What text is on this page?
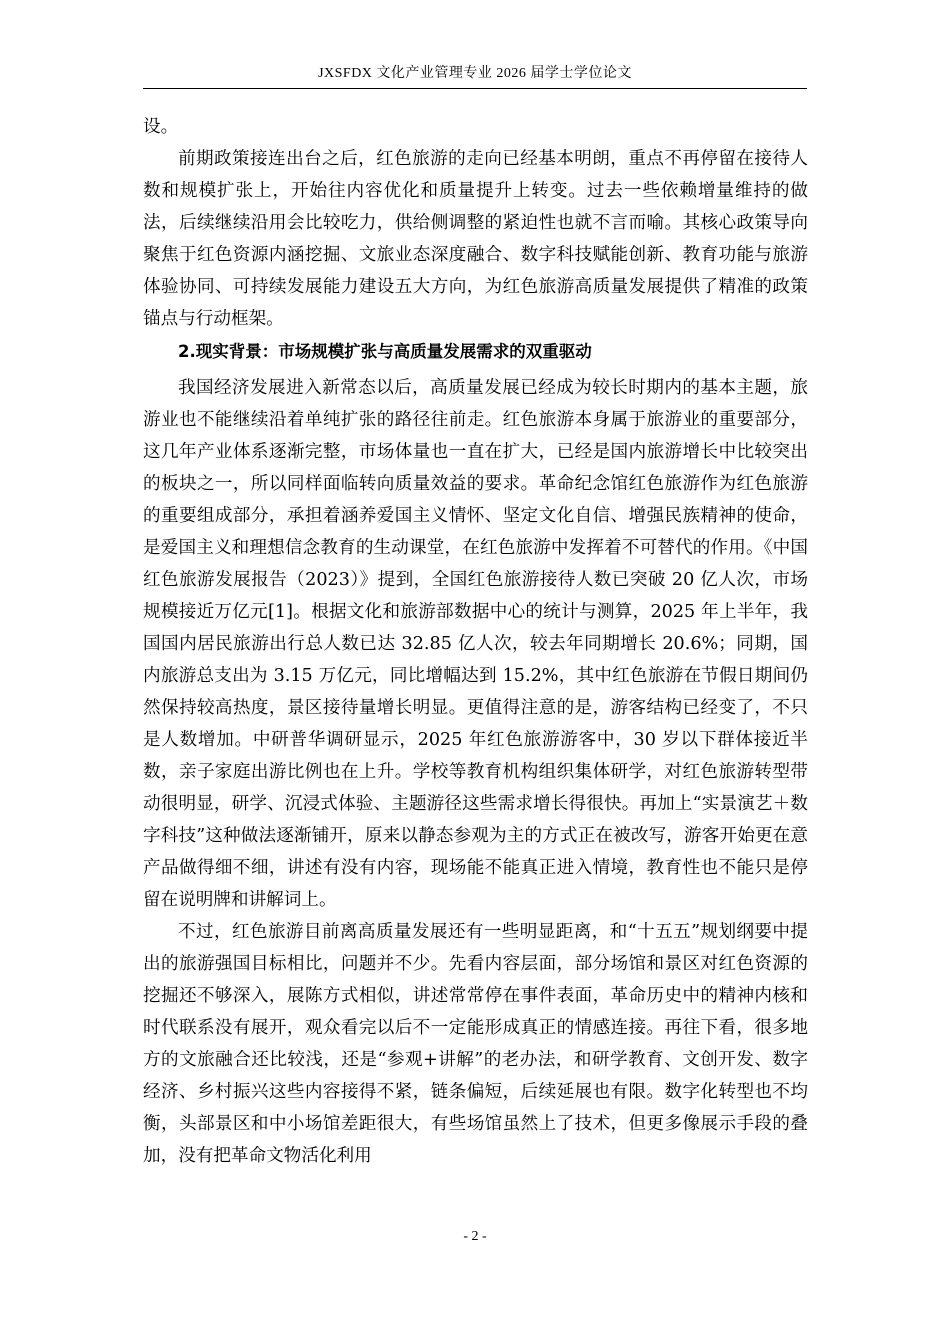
JXSFDX 文化产业管理专业 2026 届学士学位论文

设。

前期政策接连出台之后，红色旅游的走向已经基本明朗，重点不再停留在接待人数和规模扩张上，开始往内容优化和质量提升上转变。过去一些依赖增量维持的做法，后续继续沿用会比较吃力，供给侧调整的紧迫性也就不言而喻。其核心政策导向聚焦于红色资源内涵挖掘、文旅业态深度融合、数字科技赋能创新、教育功能与旅游体验协同、可持续发展能力建设五大方向，为红色旅游高质量发展提供了精准的政策锚点与行动框架。

2.现实背景：市场规模扩张与高质量发展需求的双重驱动

我国经济发展进入新常态以后，高质量发展已经成为较长时期内的基本主题，旅游业也不能继续沿着单纯扩张的路径往前走。红色旅游本身属于旅游业的重要部分，这几年产业体系逐渐完整，市场体量也一直在扩大，已经是国内旅游增长中比较突出的板块之一，所以同样面临转向质量效益的要求。革命纪念馆红色旅游作为红色旅游的重要组成部分，承担着涵养爱国主义情怀、坚定文化自信、增强民族精神的使命，是爱国主义和理想信念教育的生动课堂，在红色旅游中发挥着不可替代的作用。《中国红色旅游发展报告（2023）》提到，全国红色旅游接待人数已突破 20 亿人次，市场规模接近万亿元[1]。根据文化和旅游部数据中心的统计与测算，2025 年上半年，我国国内居民旅游出行总人数已达 32.85 亿人次，较去年同期增长 20.6%；同期，国内旅游总支出为 3.15 万亿元，同比增幅达到 15.2%，其中红色旅游在节假日期间仍然保持较高热度，景区接待量增长明显。更值得注意的是，游客结构已经变了，不只是人数增加。中研普华调研显示，2025 年红色旅游游客中，30 岁以下群体接近半数，亲子家庭出游比例也在上升。学校等教育机构组织集体研学，对红色旅游转型带动很明显，研学、沉浸式体验、主题游径这些需求增长得很快。再加上“实景演艺＋数字科技”这种做法逐渐铺开，原来以静态参观为主的方式正在被改写，游客开始更在意产品做得细不细，讲述有没有内容，现场能不能真正进入情境，教育性也不能只是停留在说明牌和讲解词上。

不过，红色旅游目前离高质量发展还有一些明显距离，和“十五五”规划纲要中提出的旅游强国目标相比，问题并不少。先看内容层面，部分场馆和景区对红色资源的挖掘还不够深入，展陈方式相似，讲述常常停在事件表面，革命历史中的精神内核和时代联系没有展开，观众看完以后不一定能形成真正的情感连接。再往下看，很多地方的文旅融合还比较浅，还是“参观+讲解”的老办法，和研学教育、文创开发、数字经济、乡村振兴这些内容接得不紧，链条偏短，后续延展也有限。数字化转型也不均衡，头部景区和中小场馆差距很大，有些场馆虽然上了技术，但更多像展示手段的叠加，没有把革命文物活化利用

- 2 -
